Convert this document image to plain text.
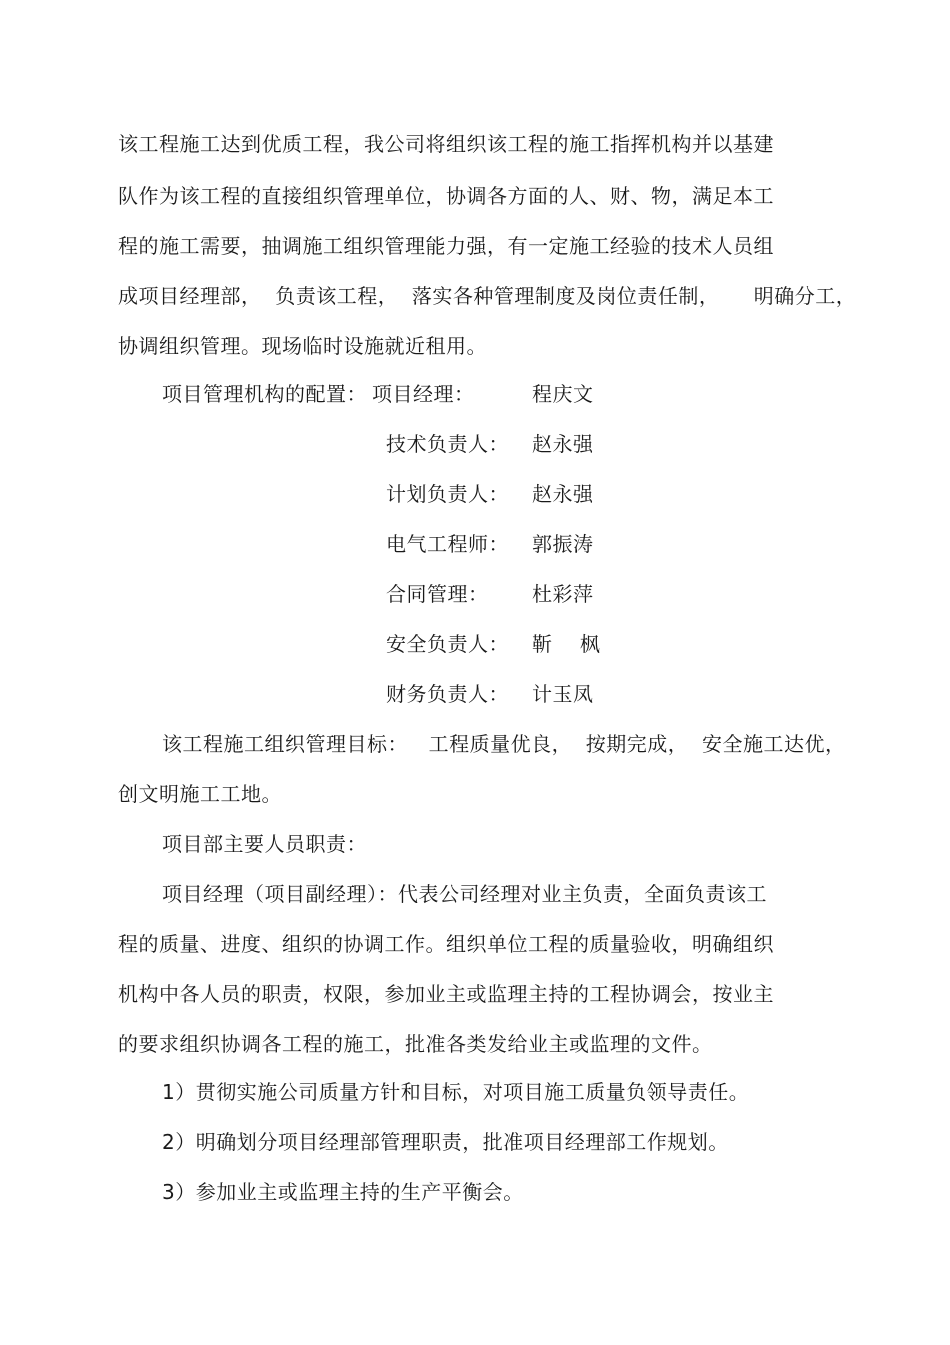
该工程施工达到优质工程，我公司将组织该工程的施工指挥机构并以基建
队作为该工程的直接组织管理单位，协调各方面的人、财、物，满足本工
程的施工需要，抽调施工组织管理能力强，有一定施工经验的技术人员组
成项目经理部，  负责该工程，  落实各种管理制度及岗位责任制，     明确分工，
协调组织管理。现场临时设施就近租用。
项目管理机构的配置： 项目经理：	程庆文
技术负责人： 赵永强
计划负责人： 赵永强
电气工程师： 郭振涛
合同管理： 杜彩萍
安全负责人： 靳    枫
财务负责人： 计玉凤
该工程施工组织管理目标：   工程质量优良，  按期完成，  安全施工达优，
创文明施工工地。
项目部主要人员职责：
项目经理（项目副经理）：代表公司经理对业主负责，全面负责该工
程的质量、进度、组织的协调工作。组织单位工程的质量验收，明确组织
机构中各人员的职责，权限，参加业主或监理主持的工程协调会，按业主
的要求组织协调各工程的施工，批准各类发给业主或监理的文件。
1）贯彻实施公司质量方针和目标，对项目施工质量负领导责任。
2）明确划分项目经理部管理职责，批准项目经理部工作规划。
3）参加业主或监理主持的生产平衡会。
